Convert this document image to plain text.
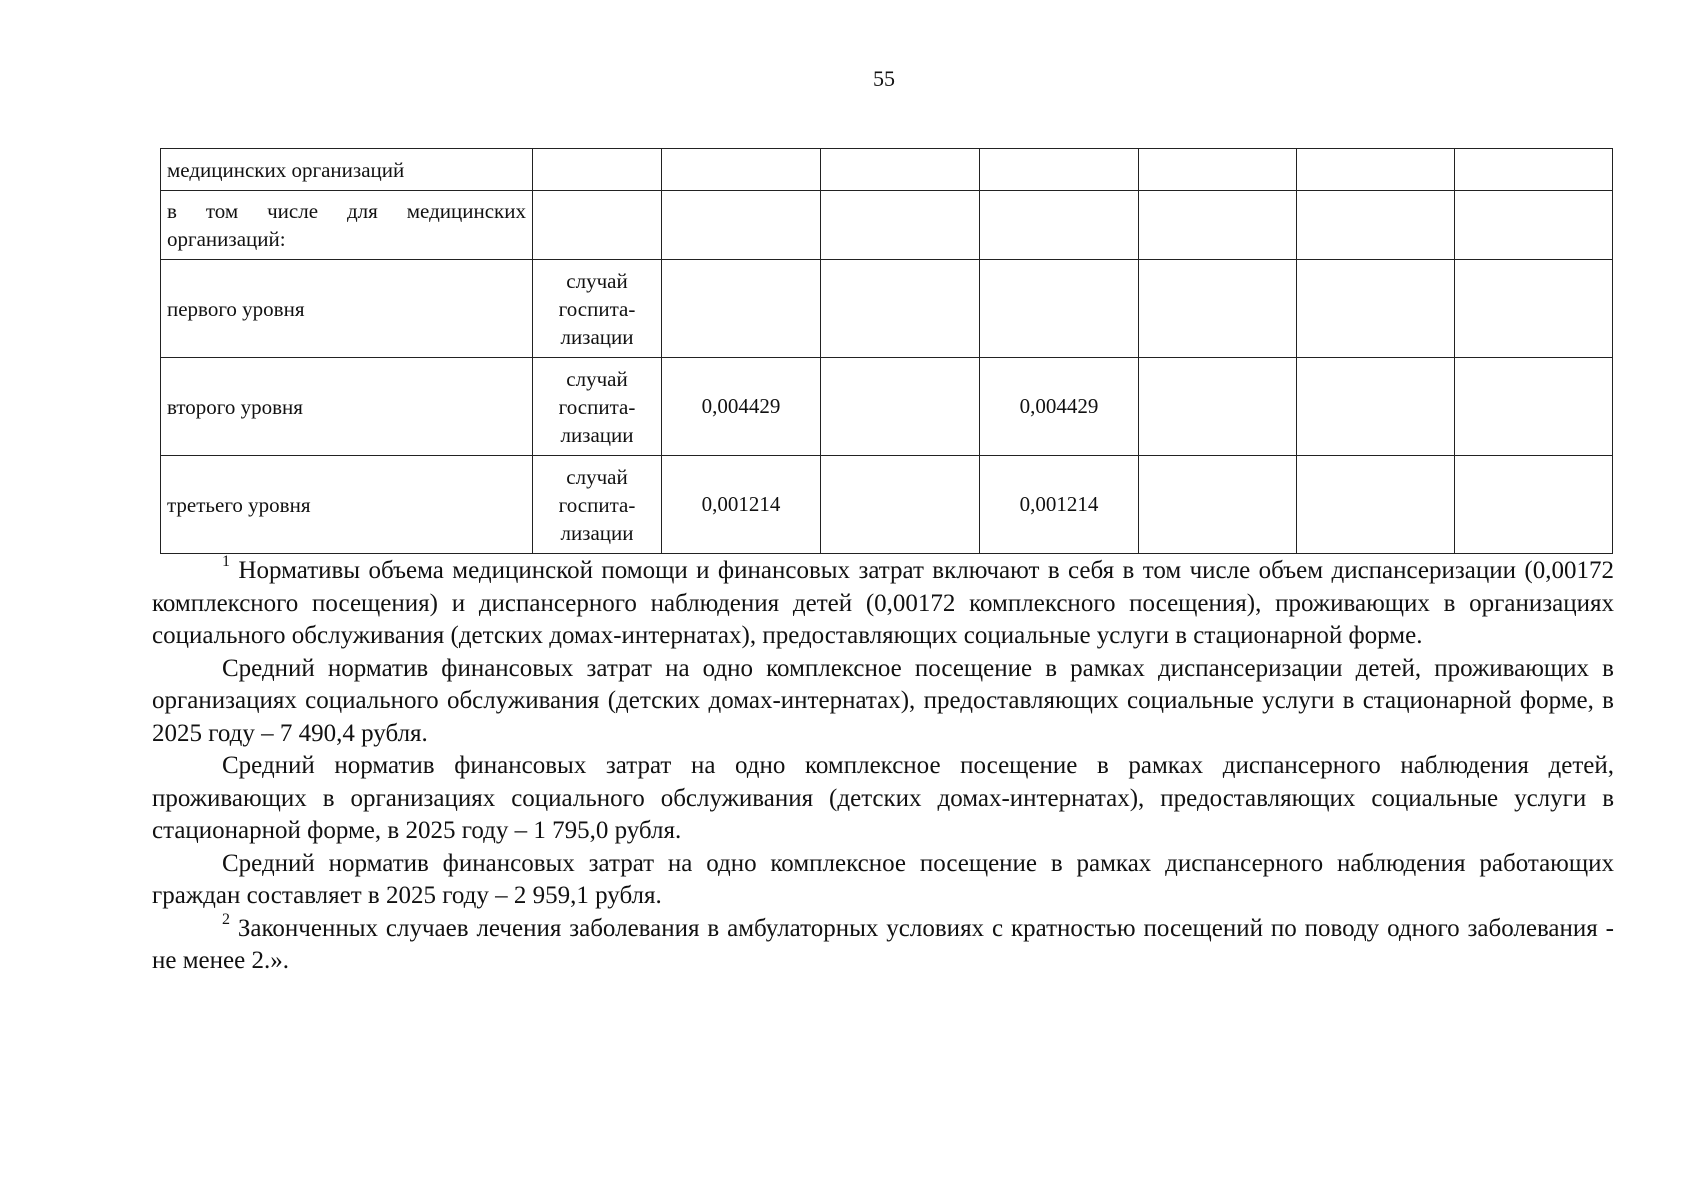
55
медицинских организаций							
в том числе для медицинских организаций:							
первого уровня	случай госпита-лизации						
второго уровня	случай госпита-лизации	0,004429		0,004429			
третьего уровня	случай госпита-лизации	0,001214		0,001214			

$^1$ Нормативы объема медицинской помощи и финансовых затрат включают в себя в том числе объем диспансеризации (0,00172 комплексного посещения) и диспансерного наблюдения детей (0,00172 комплексного посещения), проживающих в организациях социального обслуживания (детских домах-интернатах), предоставляющих социальные услуги в стационарной форме.

Средний норматив финансовых затрат на одно комплексное посещение в рамках диспансеризации детей, проживающих в организациях социального обслуживания (детских домах-интернатах), предоставляющих социальные услуги в стационарной форме, в 2025 году – 7 490,4 рубля.

Средний норматив финансовых затрат на одно комплексное посещение в рамках диспансерного наблюдения детей, проживающих в организациях социального обслуживания (детских домах-интернатах), предоставляющих социальные услуги в стационарной форме, в 2025 году – 1 795,0 рубля.

Средний норматив финансовых затрат на одно комплексное посещение в рамках диспансерного наблюдения работающих граждан составляет в 2025 году – 2 959,1 рубля.

$^2$ Законченных случаев лечения заболевания в амбулаторных условиях с кратностью посещений по поводу одного заболевания - не менее 2.».
